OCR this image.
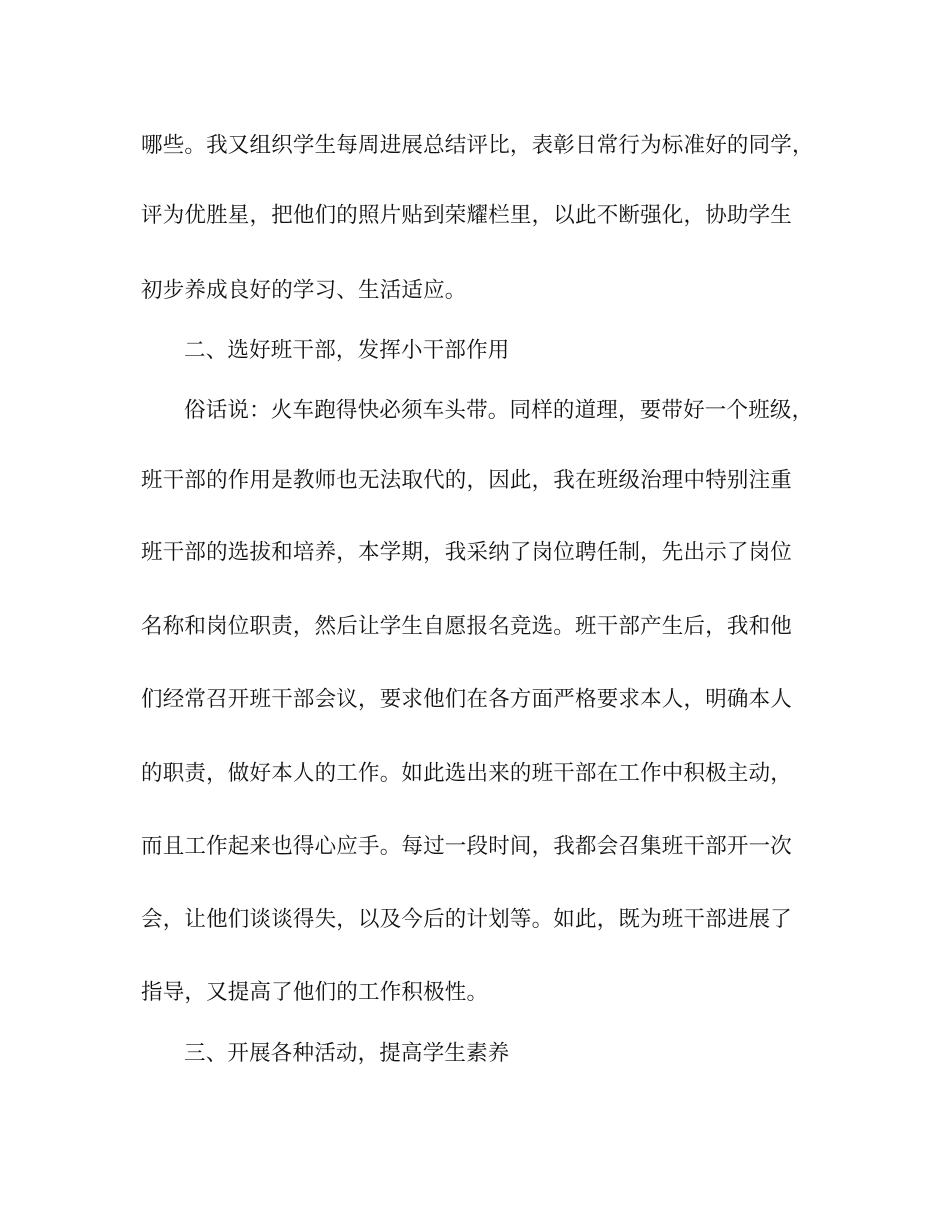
哪些。我又组织学生每周进展总结评比，表彰日常行为标准好的同学，
评为优胜星，把他们的照片贴到荣耀栏里，以此不断强化，协助学生
初步养成良好的学习、生活适应。
二、选好班干部，发挥小干部作用
俗话说：火车跑得快必须车头带。同样的道理，要带好一个班级，
班干部的作用是教师也无法取代的，因此，我在班级治理中特别注重
班干部的选拔和培养，本学期，我采纳了岗位聘任制，先出示了岗位
名称和岗位职责，然后让学生自愿报名竞选。班干部产生后，我和他
们经常召开班干部会议，要求他们在各方面严格要求本人，明确本人
的职责，做好本人的工作。如此选出来的班干部在工作中积极主动，
而且工作起来也得心应手。每过一段时间，我都会召集班干部开一次
会，让他们谈谈得失，以及今后的计划等。如此，既为班干部进展了
指导，又提高了他们的工作积极性。
三、开展各种活动，提高学生素养
